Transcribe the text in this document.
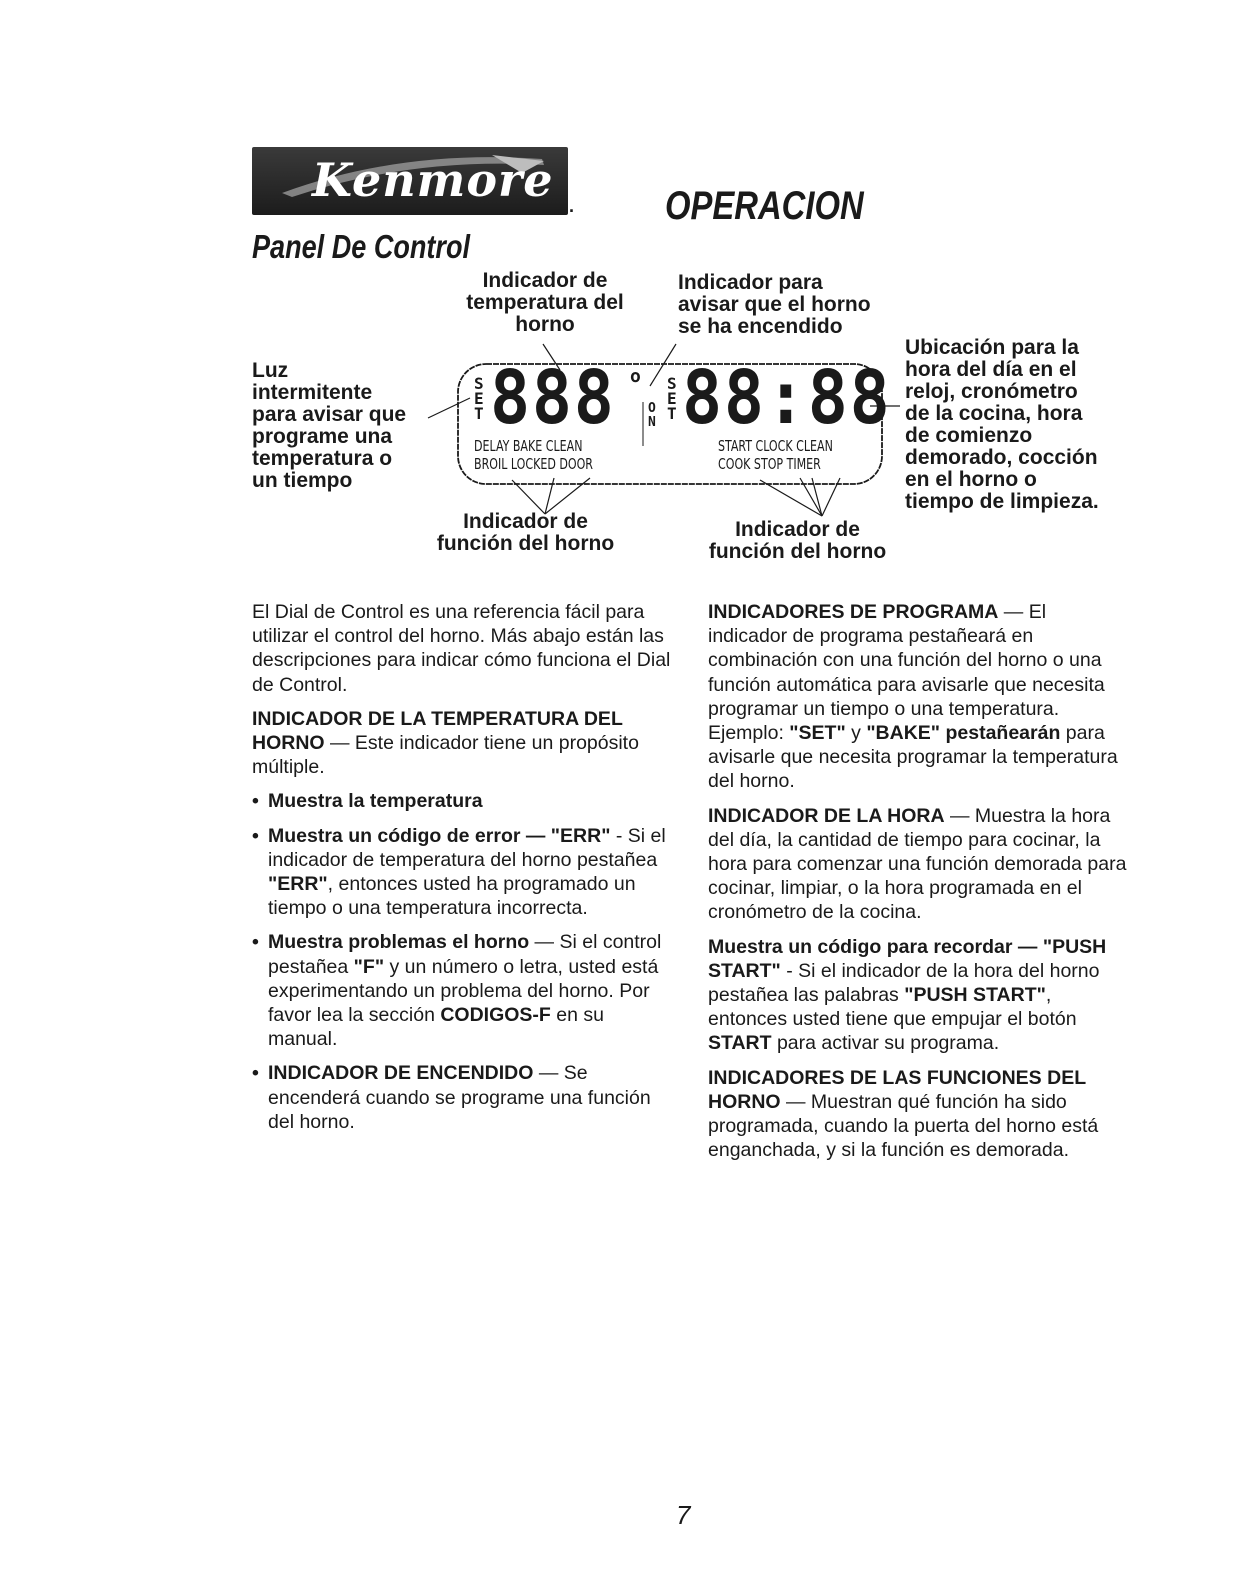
Kenmore . OPERACION
Panel De Control
Indicador de
temperatura del
horno
Indicador para
avisar que el horno
se ha encendido
Luz
intermitente
para avisar que
programe una
temperatura o
un tiempo
Ubicación para la
hora del día en el
reloj, cronómetro
de la cocina, hora
de comienzo
demorado, cocción
en el horno o
tiempo de limpieza.
Indicador de
función del horno
Indicador de
función del horno
S
E
T 888 o
O
N
S
E
T 88:88
DELAY BAKE CLEAN
BROIL LOCKED DOOR
START CLOCK CLEAN
COOK STOP TIMER

El Dial de Control es una referencia fácil para utilizar el control del horno. Más abajo están las descripciones para indicar cómo funciona el Dial de Control.

INDICADOR DE LA TEMPERATURA DEL HORNO — Este indicador tiene un propósito múltiple.

• Muestra la temperatura
• Muestra un código de error — "ERR" - Si el indicador de temperatura del horno pestañea "ERR", entonces usted ha programado un tiempo o una temperatura incorrecta.
• Muestra problemas el horno — Si el control pestañea "F" y un número o letra, usted está experimentando un problema del horno. Por favor lea la sección CODIGOS-F en su manual.
• INDICADOR DE ENCENDIDO — Se encenderá cuando se programe una función del horno.

INDICADORES DE PROGRAMA — El indicador de programa pestañeará en combinación con una función del horno o una función automática para avisarle que necesita programar un tiempo o una temperatura. Ejemplo: "SET" y "BAKE" pestañearán para avisarle que necesita programar la temperatura del horno.

INDICADOR DE LA HORA — Muestra la hora del día, la cantidad de tiempo para cocinar, la hora para comenzar una función demorada para cocinar, limpiar, o la hora programada en el cronómetro de la cocina.

Muestra un código para recordar — "PUSH START" - Si el indicador de la hora del horno pestañea las palabras "PUSH START", entonces usted tiene que empujar el botón START para activar su programa.

INDICADORES DE LAS FUNCIONES DEL HORNO — Muestran qué función ha sido programada, cuando la puerta del horno está enganchada, y si la función es demorada.

7
